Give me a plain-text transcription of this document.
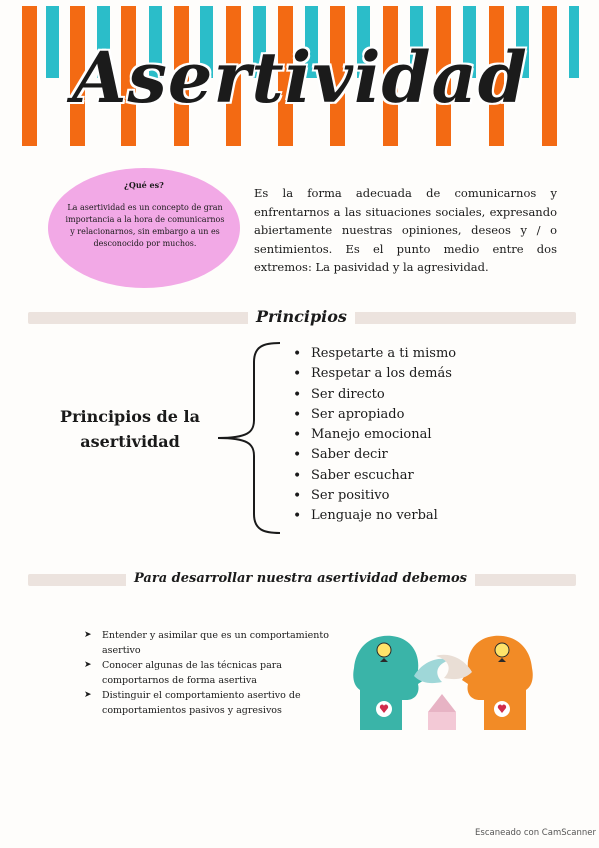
Asertividad
¿Qué es?
La asertividad es un concepto de gran importancia a la hora de comunicarnos y relacionarnos, sin embargo a un es desconocido por muchos.
Es la forma adecuada de comunicarnos y enfrentarnos a las situaciones sociales, expresando abiertamente nuestras opiniones, deseos y / o sentimientos. Es el punto medio entre dos extremos: La pasividad y la agresividad.
Principios
Principios de la asertividad
• Respetarte a ti mismo
• Respetar a los demás
• Ser directo
• Ser apropiado
• Manejo emocional
• Saber decir
• Saber escuchar
• Ser positivo
• Lenguaje no verbal
Para desarrollar nuestra asertividad debemos
➤ Entender y asimilar que es un comportamiento asertivo
➤ Conocer algunas de las técnicas para comportarnos de forma asertiva
➤ Distinguir el comportamiento asertivo de comportamientos pasivos y agresivos
Escaneado con CamScanner
